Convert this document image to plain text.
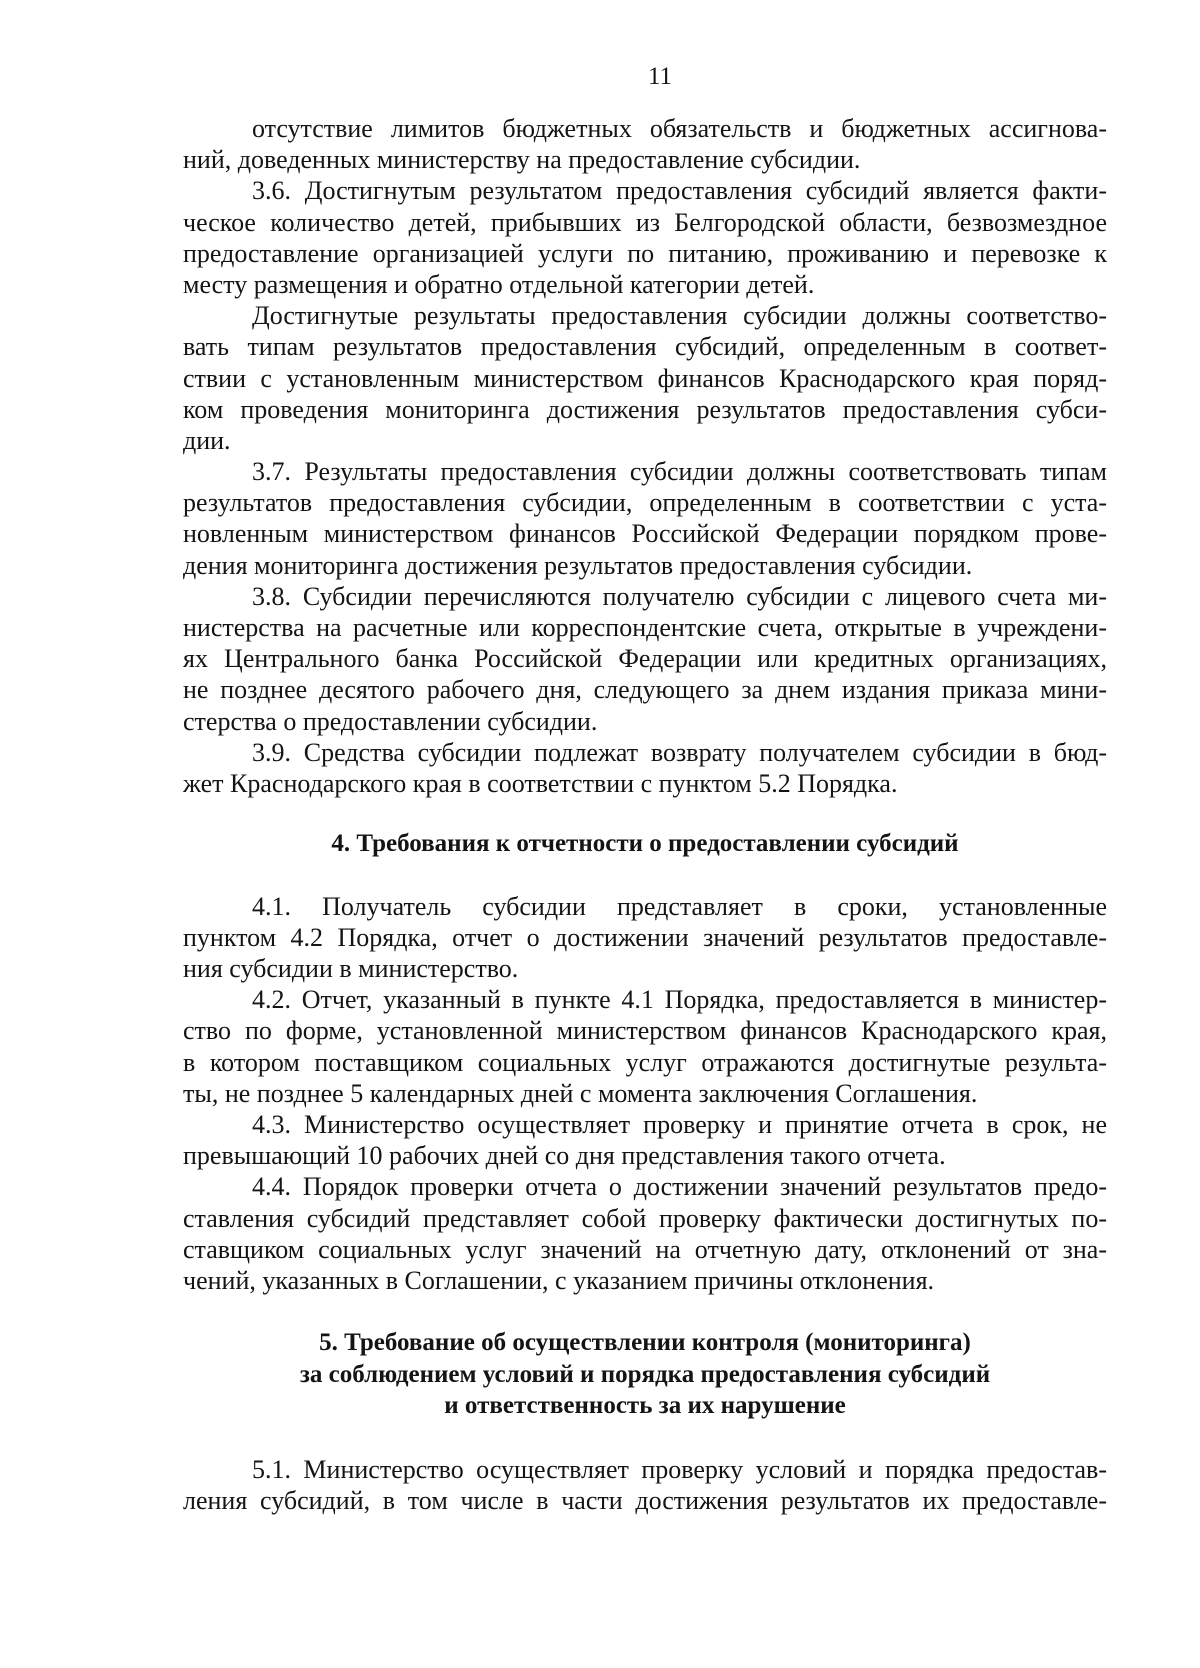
11
отсутствие лимитов бюджетных обязательств и бюджетных ассигнова-
ний, доведенных министерству на предоставление субсидии.
3.6. Достигнутым результатом предоставления субсидий является факти-
ческое количество детей, прибывших из Белгородской области, безвозмездное
предоставление организацией услуги по питанию, проживанию и перевозке к
месту размещения и обратно отдельной категории детей.
Достигнутые результаты предоставления субсидии должны соответство-
вать типам результатов предоставления субсидий, определенным в соответ-
ствии с установленным министерством финансов Краснодарского края поряд-
ком проведения мониторинга достижения результатов предоставления субси-
дии.
3.7. Результаты предоставления субсидии должны соответствовать типам
результатов предоставления субсидии, определенным в соответствии с уста-
новленным министерством финансов Российской Федерации порядком прове-
дения мониторинга достижения результатов предоставления субсидии.
3.8. Субсидии перечисляются получателю субсидии с лицевого счета ми-
нистерства на расчетные или корреспондентские счета, открытые в учреждени-
ях Центрального банка Российской Федерации или кредитных организациях,
не позднее десятого рабочего дня, следующего за днем издания приказа мини-
стерства о предоставлении субсидии.
3.9. Средства субсидии подлежат возврату получателем субсидии в бюд-
жет Краснодарского края в соответствии с пунктом 5.2 Порядка.
4. Требования к отчетности о предоставлении субсидий
4.1. Получатель субсидии представляет в сроки, установленные
пунктом 4.2 Порядка, отчет о достижении значений результатов предоставле-
ния субсидии в министерство.
4.2. Отчет, указанный в пункте 4.1 Порядка, предоставляется в министер-
ство по форме, установленной министерством финансов Краснодарского края,
в котором поставщиком социальных услуг отражаются достигнутые результа-
ты, не позднее 5 календарных дней с момента заключения Соглашения.
4.3. Министерство осуществляет проверку и принятие отчета в срок, не
превышающий 10 рабочих дней со дня представления такого отчета.
4.4. Порядок проверки отчета о достижении значений результатов предо-
ставления субсидий представляет собой проверку фактически достигнутых по-
ставщиком социальных услуг значений на отчетную дату, отклонений от зна-
чений, указанных в Соглашении, с указанием причины отклонения.
5. Требование об осуществлении контроля (мониторинга)
за соблюдением условий и порядка предоставления субсидий
и ответственность за их нарушение
5.1. Министерство осуществляет проверку условий и порядка предостав-
ления субсидий, в том числе в части достижения результатов их предоставле-
